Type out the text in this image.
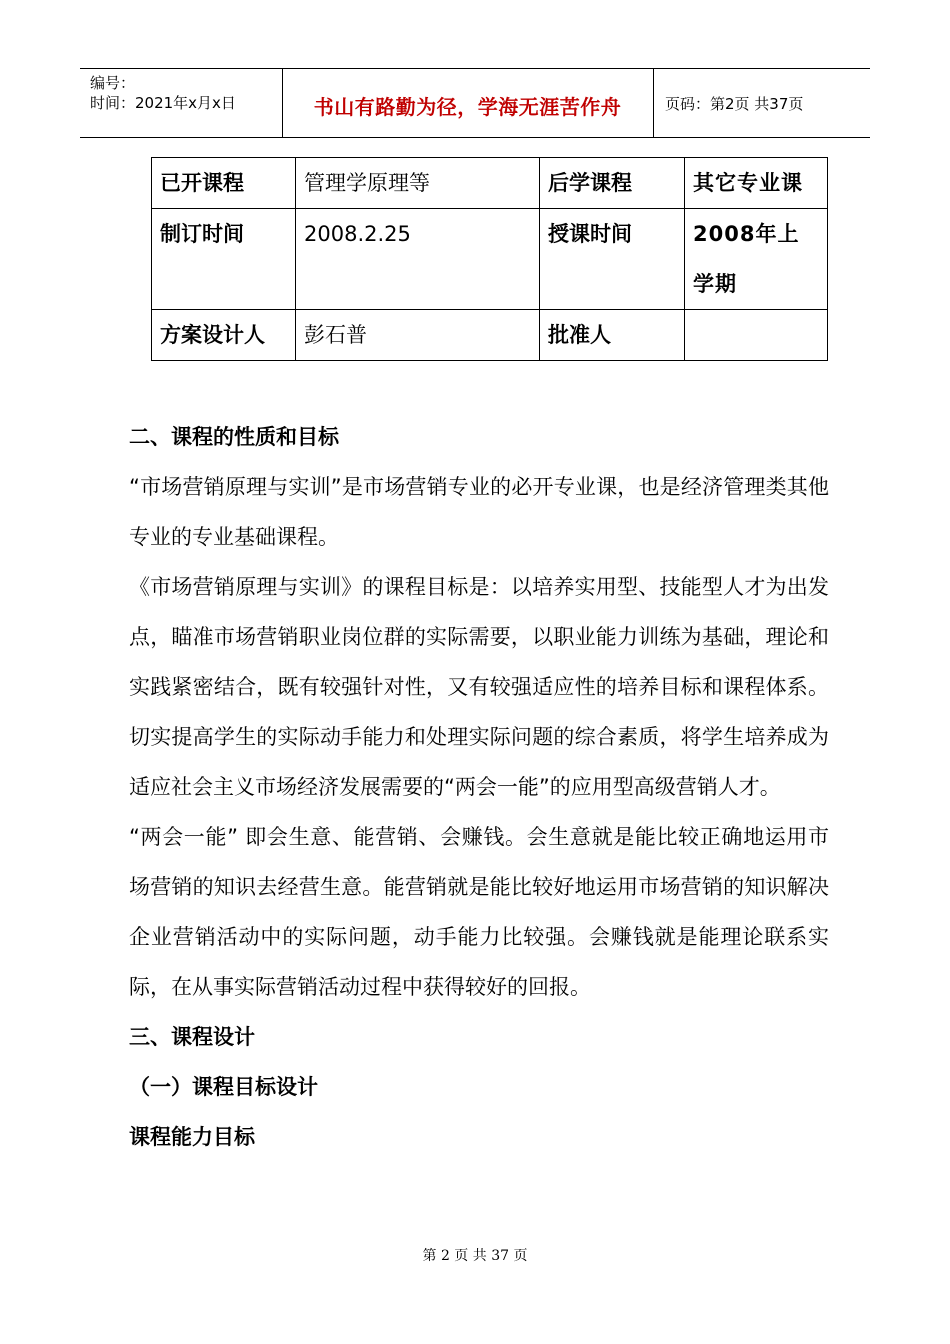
编号：
时间：2021年x月x日	书山有路勤为径，学海无涯苦作舟	页码：第2页 共37页
已开课程	管理学原理等	后学课程	其它专业课
制订时间	2008.2.25	授课时间	2008年上学期
方案设计人	彭石普	批准人	

二、课程的性质和目标

“市场营销原理与实训”是市场营销专业的必开专业课，也是经济管理类其他专业的专业基础课程。

《市场营销原理与实训》的课程目标是：以培养实用型、技能型人才为出发点，瞄准市场营销职业岗位群的实际需要，以职业能力训练为基础，理论和实践紧密结合，既有较强针对性，又有较强适应性的培养目标和课程体系。切实提高学生的实际动手能力和处理实际问题的综合素质，将学生培养成为适应社会主义市场经济发展需要的“两会一能”的应用型高级营销人才。

“两会一能” 即会生意、能营销、会赚钱。会生意就是能比较正确地运用市场营销的知识去经营生意。能营销就是能比较好地运用市场营销的知识解决企业营销活动中的实际问题，动手能力比较强。会赚钱就是能理论联系实际，在从事实际营销活动过程中获得较好的回报。

三、课程设计

（一）课程目标设计

课程能力目标

第 2 页 共 37 页
